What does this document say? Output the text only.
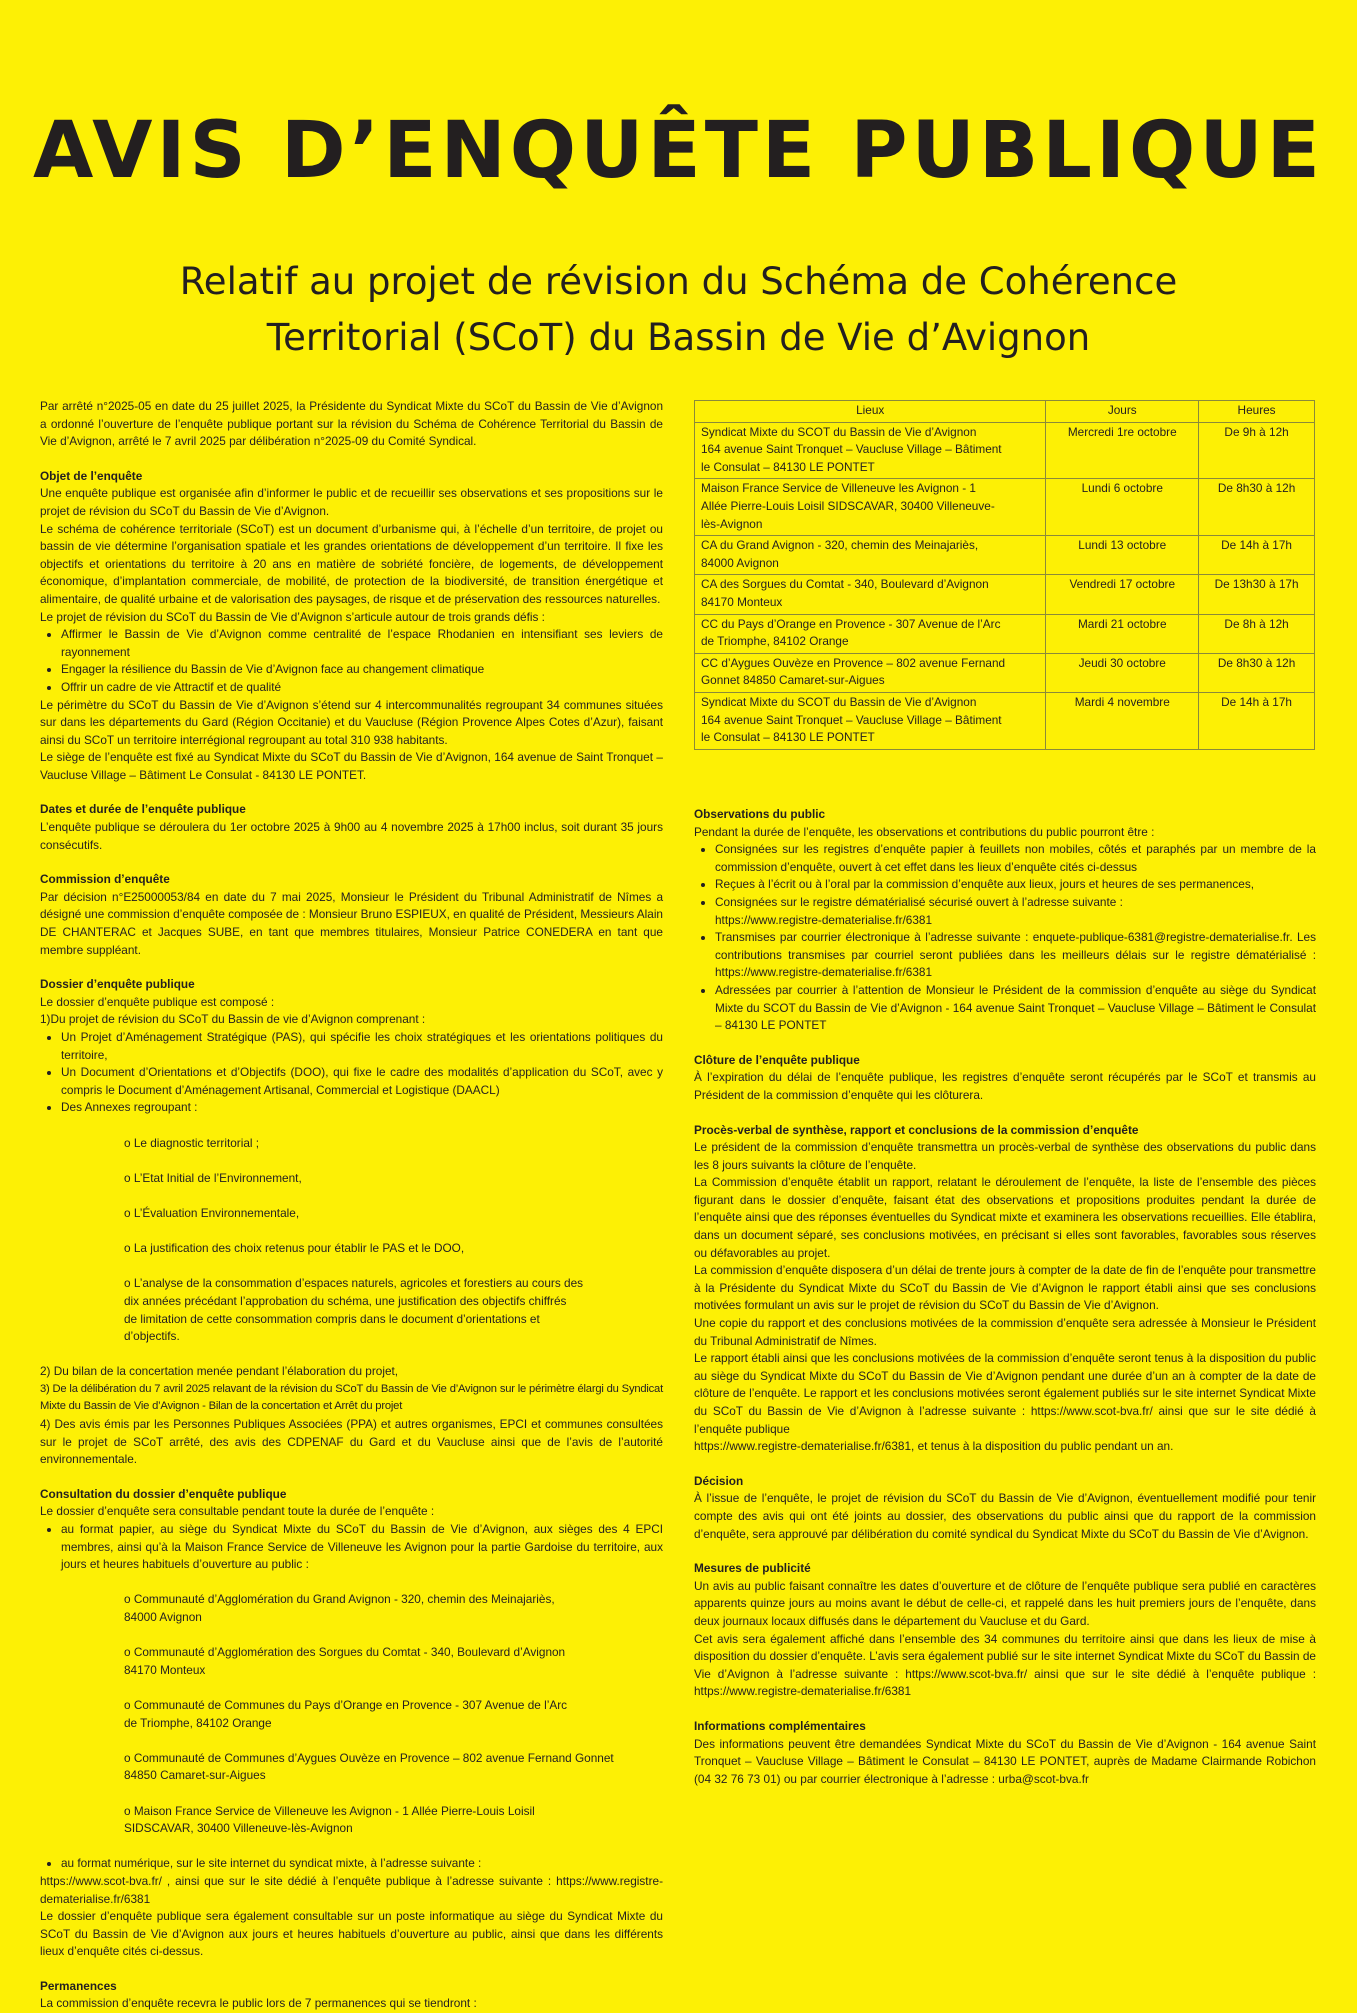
AVIS D’ENQUÊTE PUBLIQUE
Relatif au projet de révision du Schéma de Cohérence
Territorial (SCoT) du Bassin de Vie d’Avignon

Par arrêté n°2025-05 en date du 25 juillet 2025, la Présidente du Syndicat Mixte du SCoT du Bassin de Vie d’Avignon a ordonné l’ouverture de l’enquête publique portant sur la révision du Schéma de Cohérence Territorial du Bassin de Vie d’Avignon, arrêté le 7 avril 2025 par délibération n°2025-09 du Comité Syndical.

Objet de l’enquête

Une enquête publique est organisée afin d’informer le public et de recueillir ses observations et ses propositions sur le projet de révision du SCoT du Bassin de Vie d’Avignon.

Le schéma de cohérence territoriale (SCoT) est un document d’urbanisme qui, à l’échelle d’un territoire, de projet ou bassin de vie détermine l’organisation spatiale et les grandes orientations de développement d’un territoire. Il fixe les objectifs et orientations du territoire à 20 ans en matière de sobriété foncière, de logements, de développement économique, d’implantation commerciale, de mobilité, de protection de la biodiversité, de transition énergétique et alimentaire, de qualité urbaine et de valorisation des paysages, de risque et de préservation des ressources naturelles.

Le projet de révision du SCoT du Bassin de Vie d’Avignon s’articule autour de trois grands défis :

• Affirmer le Bassin de Vie d’Avignon comme centralité de l’espace Rhodanien en intensifiant ses leviers de rayonnement
• Engager la résilience du Bassin de Vie d’Avignon face au changement climatique
• Offrir un cadre de vie Attractif et de qualité

Le périmètre du SCoT du Bassin de Vie d’Avignon s’étend sur 4 intercommunalités regroupant 34 communes situées sur dans les départements du Gard (Région Occitanie) et du Vaucluse (Région Provence Alpes Cotes d’Azur), faisant ainsi du SCoT un territoire interrégional regroupant au total 310 938 habitants.

Le siège de l’enquête est fixé au Syndicat Mixte du SCoT du Bassin de Vie d’Avignon, 164 avenue de Saint Tronquet – Vaucluse Village – Bâtiment Le Consulat - 84130 LE PONTET.

Dates et durée de l’enquête publique

L’enquête publique se déroulera du 1er octobre 2025 à 9h00 au 4 novembre 2025 à 17h00 inclus, soit durant 35 jours consécutifs.

Commission d’enquête

Par décision n°E25000053/84 en date du 7 mai 2025, Monsieur le Président du Tribunal Administratif de Nîmes a désigné une commission d’enquête composée de : Monsieur Bruno ESPIEUX, en qualité de Président, Messieurs Alain DE CHANTERAC et Jacques SUBE, en tant que membres titulaires, Monsieur Patrice CONEDERA en tant que membre suppléant.

Dossier d’enquête publique

Le dossier d’enquête publique est composé :

1)Du projet de révision du SCoT du Bassin de vie d’Avignon comprenant :

• Un Projet d’Aménagement Stratégique (PAS), qui spécifie les choix stratégiques et les orientations politiques du territoire,
• Un Document d’Orientations et d’Objectifs (DOO), qui fixe le cadre des modalités d’application du SCoT, avec y compris le Document d’Aménagement Artisanal, Commercial et Logistique (DAACL)
• Des Annexes regroupant :

o Le diagnostic territorial ;

o L’Etat Initial de l’Environnement,

o L’Évaluation Environnementale,

o La justification des choix retenus pour établir le PAS et le DOO,

o L’analyse de la consommation d’espaces naturels, agricoles et forestiers au cours des
dix années précédant l’approbation du schéma, une justification des objectifs chiffrés
de limitation de cette consommation compris dans le document d’orientations et
d’objectifs.

2) Du bilan de la concertation menée pendant l’élaboration du projet,

3) De la délibération du 7 avril 2025 relavant de la révision du SCoT du Bassin de Vie d’Avignon sur le périmètre élargi du Syndicat Mixte du Bassin de Vie d’Avignon - Bilan de la concertation et Arrêt du projet

4) Des avis émis par les Personnes Publiques Associées (PPA) et autres organismes, EPCI et communes consultées sur le projet de SCoT arrêté, des avis des CDPENAF du Gard et du Vaucluse ainsi que de l’avis de l’autorité environnementale.

Consultation du dossier d’enquête publique

Le dossier d’enquête sera consultable pendant toute la durée de l’enquête :

• au format papier, au siège du Syndicat Mixte du SCoT du Bassin de Vie d’Avignon, aux sièges des 4 EPCI membres, ainsi qu’à la Maison France Service de Villeneuve les Avignon pour la partie Gardoise du territoire, aux jours et heures habituels d’ouverture au public :

o Communauté d’Agglomération du Grand Avignon - 320, chemin des Meinajariès,
84000 Avignon

o Communauté d’Agglomération des Sorgues du Comtat - 340, Boulevard d’Avignon
84170 Monteux

o Communauté de Communes du Pays d’Orange en Provence - 307 Avenue de l’Arc
de Triomphe, 84102 Orange

o Communauté de Communes d’Aygues Ouvèze en Provence – 802 avenue Fernand Gonnet
84850 Camaret-sur-Aigues

o Maison France Service de Villeneuve les Avignon - 1 Allée Pierre-Louis Loisil
SIDSCAVAR, 30400 Villeneuve-lès-Avignon

• au format numérique, sur le site internet du syndicat mixte, à l’adresse suivante :

https://www.scot-bva.fr/ , ainsi que sur le site dédié à l’enquête publique à l’adresse suivante : https://www.registre-dematerialise.fr/6381

Le dossier d’enquête publique sera également consultable sur un poste informatique au siège du Syndicat Mixte du SCoT du Bassin de Vie d’Avignon aux jours et heures habituels d’ouverture au public, ainsi que dans les différents lieux d’enquête cités ci-dessus.

Permanences

La commission d’enquête recevra le public lors de 7 permanences qui se tiendront :

Lieux	Jours	Heures
Syndicat Mixte du SCOT du Bassin de Vie d’Avignon
164 avenue Saint Tronquet – Vaucluse Village – Bâtiment
le Consulat – 84130 LE PONTET	Mercredi 1re octobre	De 9h à 12h
Maison France Service de Villeneuve les Avignon - 1
Allée Pierre-Louis Loisil SIDSCAVAR, 30400 Villeneuve-
lès-Avignon	Lundi 6 octobre	De 8h30 à 12h
CA du Grand Avignon - 320, chemin des Meinajariès,
84000 Avignon	Lundi 13 octobre	De 14h à 17h
CA des Sorgues du Comtat - 340, Boulevard d’Avignon
84170 Monteux	Vendredi 17 octobre	De 13h30 à 17h
CC du Pays d’Orange en Provence - 307 Avenue de l’Arc
de Triomphe, 84102 Orange	Mardi 21 octobre	De 8h à 12h
CC d’Aygues Ouvèze en Provence – 802 avenue Fernand
Gonnet 84850 Camaret-sur-Aigues	Jeudi 30 octobre	De 8h30 à 12h
Syndicat Mixte du SCOT du Bassin de Vie d’Avignon
164 avenue Saint Tronquet – Vaucluse Village – Bâtiment
le Consulat – 84130 LE PONTET	Mardi 4 novembre	De 14h à 17h
Observations du public

Pendant la durée de l’enquête, les observations et contributions du public pourront être :

• Consignées sur les registres d’enquête papier à feuillets non mobiles, côtés et paraphés par un membre de la commission d’enquête, ouvert à cet effet dans les lieux d’enquête cités ci-dessus
• Reçues à l’écrit ou à l’oral par la commission d’enquête aux lieux, jours et heures de ses permanences,
• Consignées sur le registre dématérialisé sécurisé ouvert à l’adresse suivante :
https://www.registre-dematerialise.fr/6381
• Transmises par courrier électronique à l’adresse suivante : enquete-publique-6381@registre-dematerialise.fr. Les contributions transmises par courriel seront publiées dans les meilleurs délais sur le registre dématérialisé : https://www.registre-dematerialise.fr/6381
• Adressées par courrier à l’attention de Monsieur le Président de la commission d’enquête au siège du Syndicat Mixte du SCOT du Bassin de Vie d’Avignon - 164 avenue Saint Tronquet – Vaucluse Village – Bâtiment le Consulat – 84130 LE PONTET
Clôture de l’enquête publique

À l’expiration du délai de l’enquête publique, les registres d’enquête seront récupérés par le SCoT et transmis au Président de la commission d’enquête qui les clôturera.

Procès-verbal de synthèse, rapport et conclusions de la commission d’enquête

Le président de la commission d’enquête transmettra un procès-verbal de synthèse des observations du public dans les 8 jours suivants la clôture de l’enquête.

La Commission d’enquête établit un rapport, relatant le déroulement de l’enquête, la liste de l’ensemble des pièces figurant dans le dossier d’enquête, faisant état des observations et propositions produites pendant la durée de l’enquête ainsi que des réponses éventuelles du Syndicat mixte et examinera les observations recueillies. Elle établira, dans un document séparé, ses conclusions motivées, en précisant si elles sont favorables, favorables sous réserves ou défavorables au projet.

La commission d’enquête disposera d’un délai de trente jours à compter de la date de fin de l’enquête pour transmettre à la Présidente du Syndicat Mixte du SCoT du Bassin de Vie d’Avignon le rapport établi ainsi que ses conclusions motivées formulant un avis sur le projet de révision du SCoT du Bassin de Vie d’Avignon.

Une copie du rapport et des conclusions motivées de la commission d’enquête sera adressée à Monsieur le Président du Tribunal Administratif de Nîmes.

Le rapport établi ainsi que les conclusions motivées de la commission d’enquête seront tenus à la disposition du public au siège du Syndicat Mixte du SCoT du Bassin de Vie d’Avignon pendant une durée d’un an à compter de la date de clôture de l’enquête. Le rapport et les conclusions motivées seront également publiés sur le site internet Syndicat Mixte du SCoT du Bassin de Vie d’Avignon à l’adresse suivante : https://www.scot-bva.fr/ ainsi que sur le site dédié à l’enquête publique

https://www.registre-dematerialise.fr/6381, et tenus à la disposition du public pendant un an.

Décision

À l’issue de l’enquête, le projet de révision du SCoT du Bassin de Vie d’Avignon, éventuellement modifié pour tenir compte des avis qui ont été joints au dossier, des observations du public ainsi que du rapport de la commission d’enquête, sera approuvé par délibération du comité syndical du Syndicat Mixte du SCoT du Bassin de Vie d’Avignon.

Mesures de publicité

Un avis au public faisant connaître les dates d’ouverture et de clôture de l’enquête publique sera publié en caractères apparents quinze jours au moins avant le début de celle-ci, et rappelé dans les huit premiers jours de l’enquête, dans deux journaux locaux diffusés dans le département du Vaucluse et du Gard.

Cet avis sera également affiché dans l’ensemble des 34 communes du territoire ainsi que dans les lieux de mise à disposition du dossier d’enquête. L’avis sera également publié sur le site internet Syndicat Mixte du SCoT du Bassin de Vie d’Avignon à l’adresse suivante : https://www.scot-bva.fr/ ainsi que sur le site dédié à l’enquête publique : https://www.registre-dematerialise.fr/6381

Informations complémentaires

Des informations peuvent être demandées Syndicat Mixte du SCoT du Bassin de Vie d’Avignon - 164 avenue Saint Tronquet – Vaucluse Village – Bâtiment le Consulat – 84130 LE PONTET, auprès de Madame Clairmande Robichon (04 32 76 73 01) ou par courrier électronique à l’adresse : urba@scot-bva.fr
